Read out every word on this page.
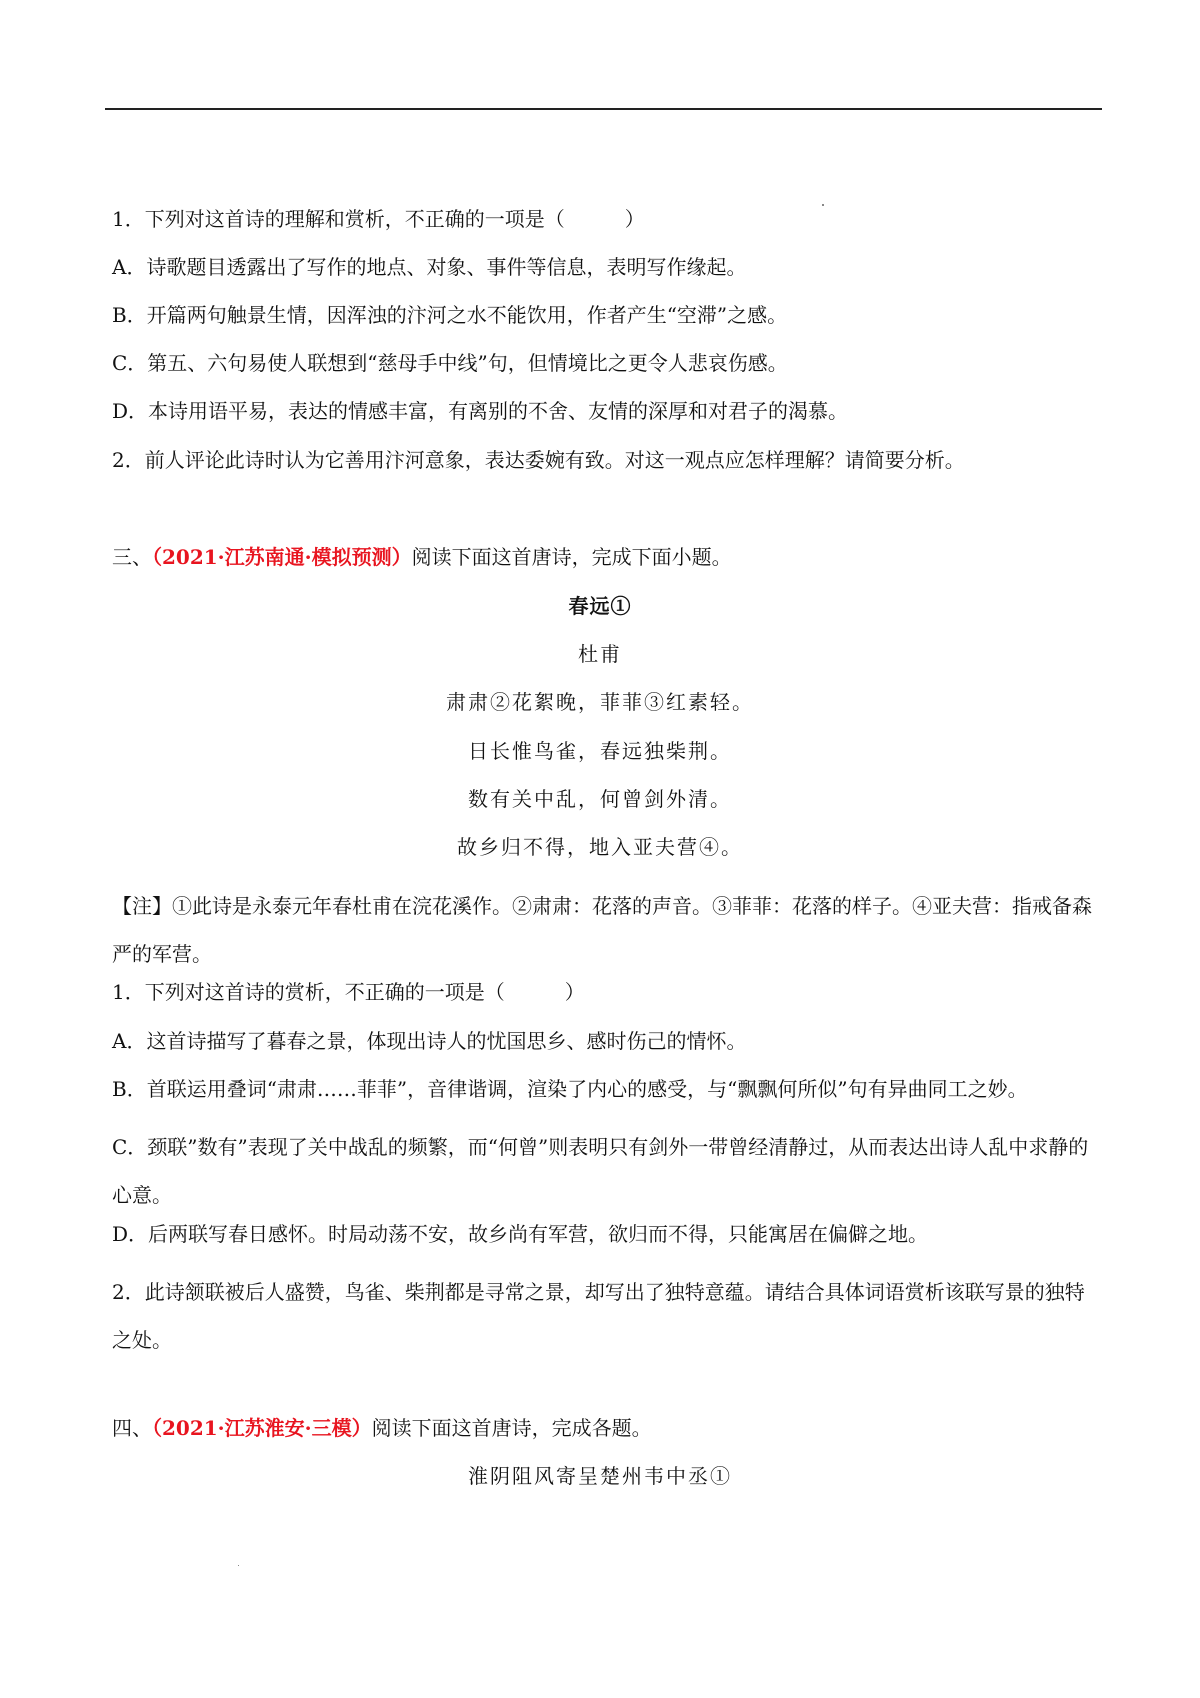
1．下列对这首诗的理解和赏析，不正确的一项是（　　　）
A．诗歌题目透露出了写作的地点、对象、事件等信息，表明写作缘起。
B．开篇两句触景生情，因浑浊的汴河之水不能饮用，作者产生“空滞”之感。
C．第五、六句易使人联想到“慈母手中线”句，但情境比之更令人悲哀伤感。
D．本诗用语平易，表达的情感丰富，有离别的不舍、友情的深厚和对君子的渴慕。
2．前人评论此诗时认为它善用汴河意象，表达委婉有致。对这一观点应怎样理解？请简要分析。
三、（2021·江苏南通·模拟预测）阅读下面这首唐诗，完成下面小题。
春远①
杜甫
肃肃②花絮晚，菲菲③红素轻。
日长惟鸟雀，春远独柴荆。
数有关中乱，何曾剑外清。
故乡归不得，地入亚夫营④。
【注】①此诗是永泰元年春杜甫在浣花溪作。②肃肃：花落的声音。③菲菲：花落的样子。④亚夫营：指戒备森严的军营。
1．下列对这首诗的赏析，不正确的一项是（　　　）
A．这首诗描写了暮春之景，体现出诗人的忧国思乡、感时伤己的情怀。
B．首联运用叠词“肃肃……菲菲”，音律谐调，渲染了内心的感受，与“飘飘何所似”句有异曲同工之妙。
C．颈联”数有”表现了关中战乱的频繁，而“何曾”则表明只有剑外一带曾经清静过，从而表达出诗人乱中求静的心意。
D．后两联写春日感怀。时局动荡不安，故乡尚有军营，欲归而不得，只能寓居在偏僻之地。
2．此诗颔联被后人盛赞，鸟雀、柴荆都是寻常之景，却写出了独特意蕴。请结合具体词语赏析该联写景的独特之处。
四、（2021·江苏淮安·三模）阅读下面这首唐诗，完成各题。
淮阴阻风寄呈楚州韦中丞①
